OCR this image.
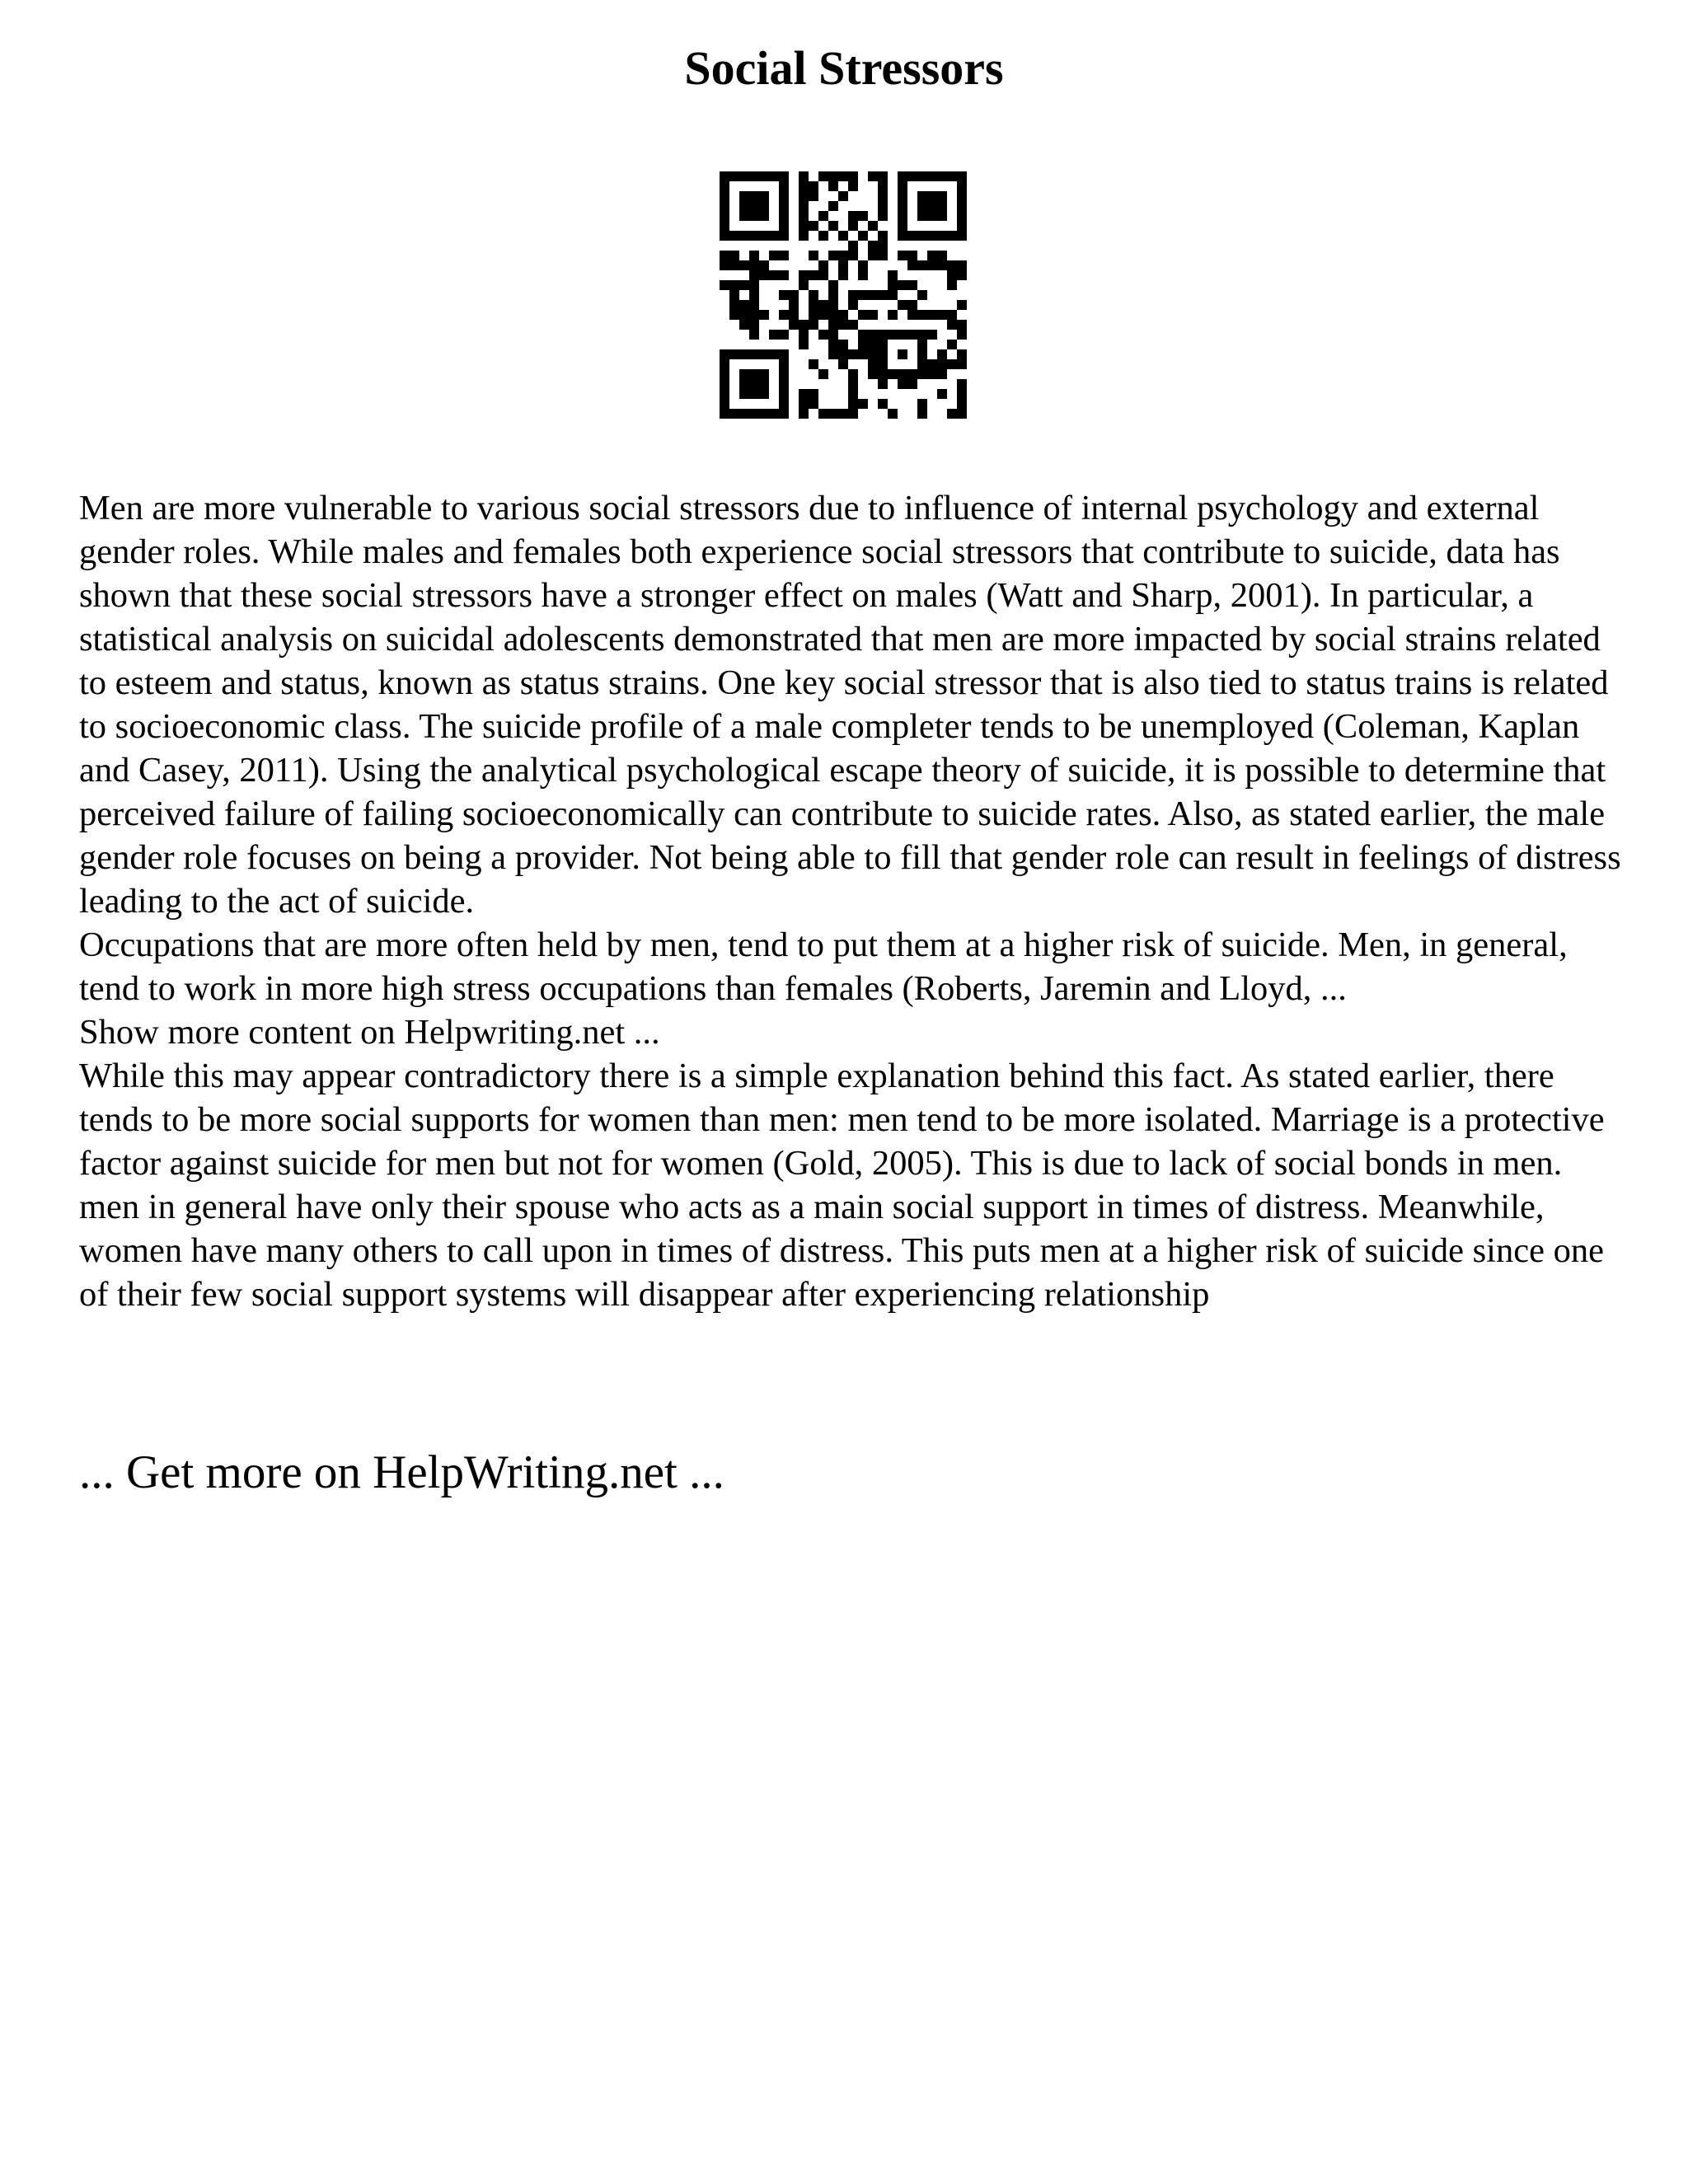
Social Stressors

Men are more vulnerable to various social stressors due to influence of internal psychology and external gender roles. While males and females both experience social stressors that contribute to suicide, data has shown that these social stressors have a stronger effect on males (Watt and Sharp, 2001). In particular, a statistical analysis on suicidal adolescents demonstrated that men are more impacted by social strains related to esteem and status, known as status strains. One key social stressor that is also tied to status trains is related to socioeconomic class. The suicide profile of a male completer tends to be unemployed (Coleman, Kaplan and Casey, 2011). Using the analytical psychological escape theory of suicide, it is possible to determine that perceived failure of failing socioeconomically can contribute to suicide rates. Also, as stated earlier, the male gender role focuses on being a provider. Not being able to fill that gender role can result in feelings of distress leading to the act of suicide.

Occupations that are more often held by men, tend to put them at a higher risk of suicide. Men, in general, tend to work in more high stress occupations than females (Roberts, Jaremin and Lloyd, ...

Show more content on Helpwriting.net ...

While this may appear contradictory there is a simple explanation behind this fact. As stated earlier, there tends to be more social supports for women than men: men tend to be more isolated. Marriage is a protective factor against suicide for men but not for women (Gold, 2005). This is due to lack of social bonds in men. men in general have only their spouse who acts as a main social support in times of distress. Meanwhile, women have many others to call upon in times of distress. This puts men at a higher risk of suicide since one of their few social support systems will disappear after experiencing relationship

... Get more on HelpWriting.net ...
